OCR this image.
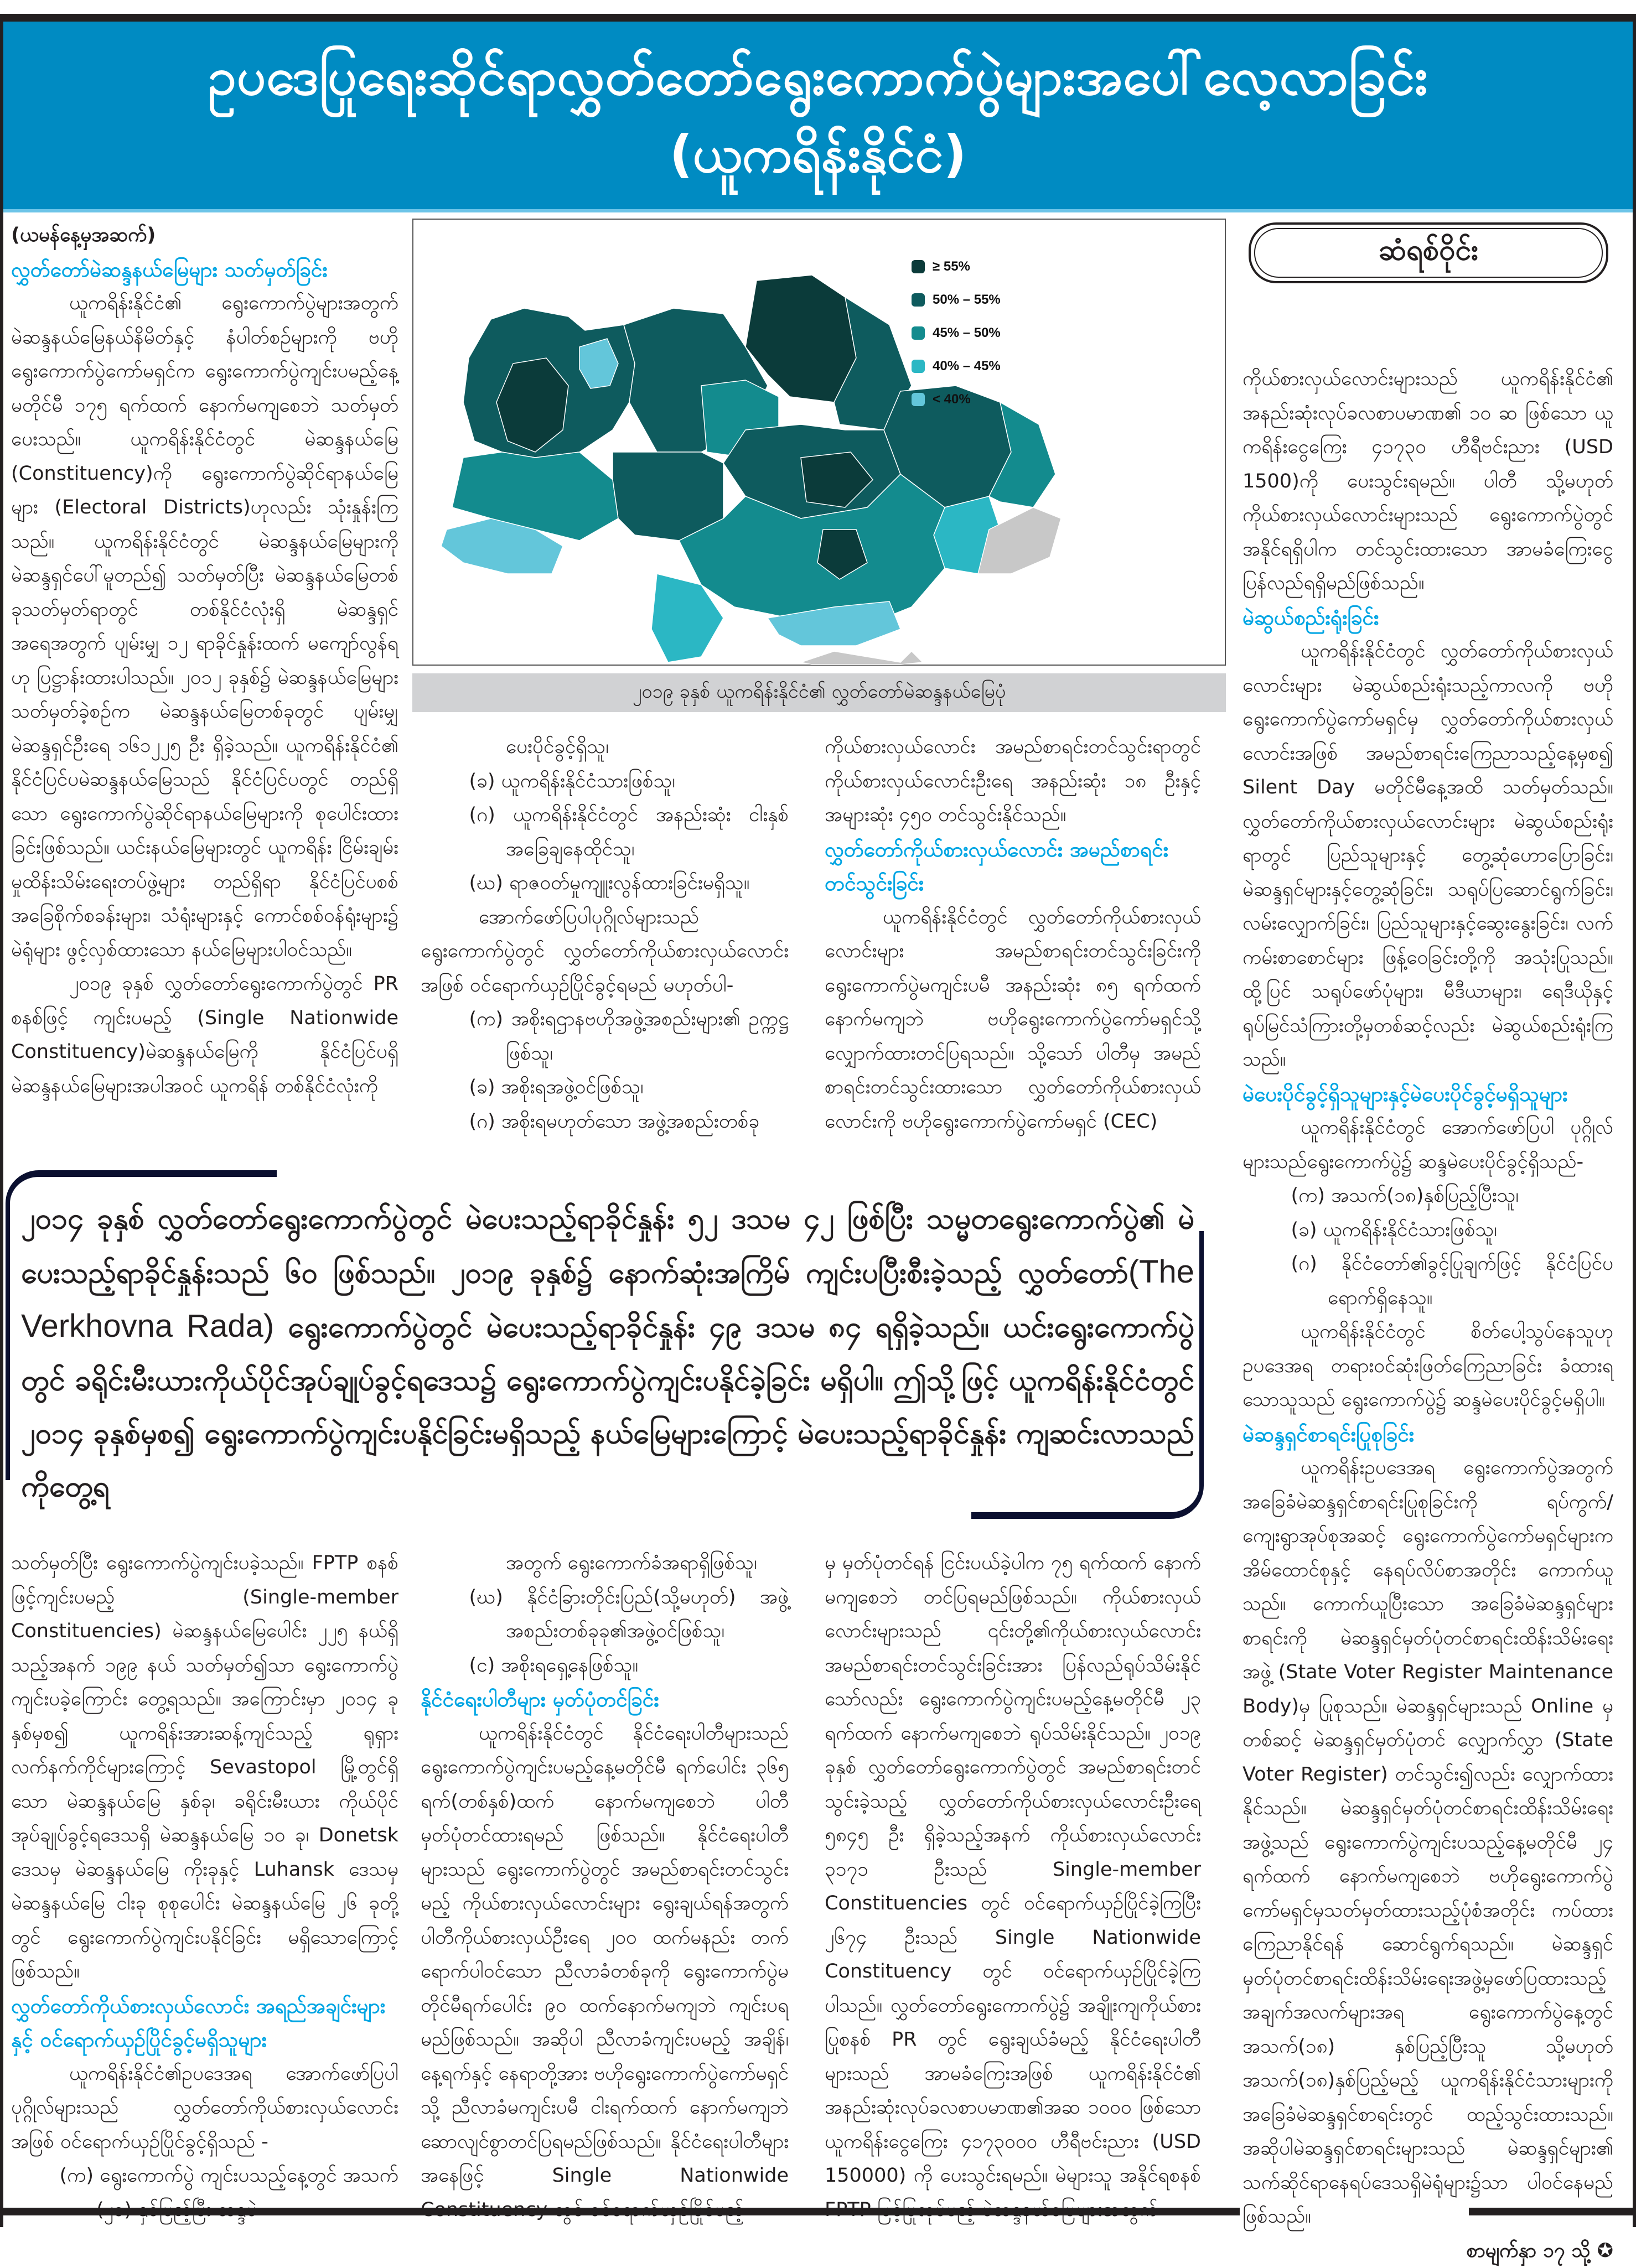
ဥပဒေပြုရေးဆိုင်ရာလွှတ်တော်ရွေးကောက်ပွဲများအပေါ်လေ့လာခြင်း
(ယူကရိန်းနိုင်ငံ)

(ယမန်နေ့မှအဆက်)

လွှတ်တော်မဲဆန္ဒနယ်မြေများ သတ်မှတ်ခြင်း

ယူကရိန်းနိုင်ငံ၏ ရွေးကောက်ပွဲများအတွက် မဲဆန္ဒနယ်မြေနယ်နိမိတ်နှင့် နံပါတ်စဉ်များကို ဗဟိုရွေးကောက်ပွဲကော်မရှင်က ရွေးကောက်ပွဲကျင်းပမည့်နေ့မတိုင်မီ ၁၇၅ ရက်ထက် နောက်မကျစေဘဲ သတ်မှတ်ပေးသည်။ ယူကရိန်းနိုင်ငံတွင် မဲဆန္ဒနယ်မြေ (Constituency)ကို ရွေးကောက်ပွဲဆိုင်ရာနယ်မြေများ (Electoral Districts)ဟုလည်း သုံးနှုန်းကြသည်။ ယူကရိန်းနိုင်ငံတွင် မဲဆန္ဒနယ်မြေများကို မဲဆန္ဒရှင်ပေါ်မူတည်၍ သတ်မှတ်ပြီး မဲဆန္ဒနယ်မြေတစ်ခုသတ်မှတ်ရာတွင် တစ်နိုင်ငံလုံးရှိ မဲဆန္ဒရှင်အရေအတွက် ပျမ်းမျှ ၁၂ ရာခိုင်နှုန်းထက် မကျော်လွန်ရဟု ပြဋ္ဌာန်းထားပါသည်။ ၂၀၁၂ ခုနှစ်၌ မဲဆန္ဒနယ်မြေများ သတ်မှတ်ခဲ့စဉ်က မဲဆန္ဒနယ်မြေတစ်ခုတွင် ပျမ်းမျှမဲဆန္ဒရှင်ဦးရေ ၁၆၁၂၂၅ ဦး ရှိခဲ့သည်။ ယူကရိန်းနိုင်ငံ၏ နိုင်ငံပြင်ပမဲဆန္ဒနယ်မြေသည် နိုင်ငံပြင်ပတွင် တည်ရှိသော ရွေးကောက်ပွဲဆိုင်ရာနယ်မြေများကို စုပေါင်းထားခြင်းဖြစ်သည်။ ယင်းနယ်မြေများတွင် ယူကရိန်း ငြိမ်းချမ်းမှုထိန်းသိမ်းရေးတပ်ဖွဲ့များ တည်ရှိရာ နိုင်ငံပြင်ပစစ်အခြေစိုက်စခန်းများ၊ သံရုံးများနှင့် ကောင်စစ်ဝန်ရုံးများ၌ မဲရုံများ ဖွင့်လှစ်ထားသော နယ်မြေများပါဝင်သည်။

၂၀၁၉ ခုနှစ် လွှတ်တော်ရွေးကောက်ပွဲတွင် PR စနစ်ဖြင့် ကျင်းပမည့် (Single Nationwide Constituency)မဲဆန္ဒနယ်မြေကို နိုင်ငံပြင်ပရှိမဲဆန္ဒနယ်မြေများအပါအဝင် ယူကရိန် တစ်နိုင်ငံလုံးကို

≥ 55%
50% – 55%
45% – 50%
40% – 45%
< 40%
၂၀၁၉ ခုနှစ် ယူကရိန်းနိုင်ငံ၏ လွှတ်တော်မဲဆန္ဒနယ်မြေပုံ

ပေးပိုင်ခွင့်ရှိသူ၊

(ခ) ယူကရိန်းနိုင်ငံသားဖြစ်သူ၊

(ဂ) ယူကရိန်းနိုင်ငံတွင် အနည်းဆုံး ငါးနှစ်အခြေချနေထိုင်သူ၊

(ဃ) ရာဇဝတ်မှုကျူးလွန်ထားခြင်းမရှိသူ။

အောက်ဖော်ပြပါပုဂ္ဂိုလ်များသည် ရွေးကောက်ပွဲတွင် လွှတ်တော်ကိုယ်စားလှယ်လောင်းအဖြစ် ဝင်ရောက်ယှဉ်ပြိုင်ခွင့်ရမည် မဟုတ်ပါ-

(က) အစိုးရဌာနဗဟိုအဖွဲ့အစည်းများ၏ ဥက္ကဋ္ဌဖြစ်သူ၊

(ခ) အစိုးရအဖွဲ့ဝင်ဖြစ်သူ၊

(ဂ) အစိုးရမဟုတ်သော အဖွဲ့အစည်းတစ်ခု

ကိုယ်စားလှယ်လောင်း အမည်စာရင်းတင်သွင်းရာတွင် ကိုယ်စားလှယ်လောင်းဦးရေ အနည်းဆုံး ၁၈ ဦးနှင့် အများဆုံး ၄၅၀ တင်သွင်းနိုင်သည်။

လွှတ်တော်ကိုယ်စားလှယ်လောင်း အမည်စာရင်း တင်သွင်းခြင်း

ယူကရိန်းနိုင်ငံတွင် လွှတ်တော်ကိုယ်စားလှယ်လောင်းများ အမည်စာရင်းတင်သွင်းခြင်းကို ရွေးကောက်ပွဲမကျင်းပမီ အနည်းဆုံး ၈၅ ရက်ထက် နောက်မကျဘဲ ဗဟိုရွေးကောက်ပွဲကော်မရှင်သို့ လျှောက်ထားတင်ပြရသည်။ သို့သော် ပါတီမှ အမည်စာရင်းတင်သွင်းထားသော လွှတ်တော်ကိုယ်စားလှယ်လောင်းကို ဗဟိုရွေးကောက်ပွဲကော်မရှင် (CEC)

ဆံရစ်ဝိုင်း

ကိုယ်စားလှယ်လောင်းများသည် ယူကရိန်းနိုင်ငံ၏ အနည်းဆုံးလုပ်ခလစာပမာဏ၏ ၁၀ ဆ ဖြစ်သော ယူကရိန်းငွေကြေး ၄၁၇၃၀ ဟီရီဗင်းညား (USD 1500)ကို ပေးသွင်းရမည်။ ပါတီ သို့မဟုတ် ကိုယ်စားလှယ်လောင်းများသည် ရွေးကောက်ပွဲတွင် အနိုင်ရရှိပါက တင်သွင်းထားသော အာမခံကြေးငွေ ပြန်လည်ရရှိမည်ဖြစ်သည်။

မဲဆွယ်စည်းရုံးခြင်း

ယူကရိန်းနိုင်ငံတွင် လွှတ်တော်ကိုယ်စားလှယ်လောင်းများ မဲဆွယ်စည်းရုံးသည့်ကာလကို ဗဟိုရွေးကောက်ပွဲကော်မရှင်မှ လွှတ်တော်ကိုယ်စားလှယ်လောင်းအဖြစ် အမည်စာရင်းကြေညာသည့်နေ့မှစ၍ Silent Day မတိုင်မီနေ့အထိ သတ်မှတ်သည်။ လွှတ်တော်ကိုယ်စားလှယ်လောင်းများ မဲဆွယ်စည်းရုံးရာတွင် ပြည်သူများနှင့် တွေ့ဆုံဟောပြောခြင်း၊ မဲဆန္ဒရှင်များနှင့်တွေ့ဆုံခြင်း၊ သရုပ်ပြဆောင်ရွက်ခြင်း၊ လမ်းလျှောက်ခြင်း၊ ပြည်သူများနှင့်ဆွေးနွေးခြင်း၊ လက်ကမ်းစာစောင်များ ဖြန့်ဝေခြင်းတို့ကို အသုံးပြုသည်။ ထို့ပြင် သရုပ်ဖော်ပုံများ၊ မီဒီယာများ၊ ရေဒီယိုနှင့် ရုပ်မြင်သံကြားတို့မှတစ်ဆင့်လည်း မဲဆွယ်စည်းရုံးကြသည်။

မဲပေးပိုင်ခွင့်ရှိသူများနှင့်မဲပေးပိုင်ခွင့်မရှိသူများ

ယူကရိန်းနိုင်ငံတွင် အောက်ဖော်ပြပါ ပုဂ္ဂိုလ်များသည်ရွေးကောက်ပွဲ၌ ဆန္ဒမဲပေးပိုင်ခွင့်ရှိသည်-

(က) အသက်(၁၈)နှစ်ပြည့်ပြီးသူ၊

(ခ) ယူကရိန်းနိုင်ငံသားဖြစ်သူ၊

(ဂ) နိုင်ငံတော်၏ခွင့်ပြုချက်ဖြင့် နိုင်ငံပြင်ပရောက်ရှိနေသူ။

ယူကရိန်းနိုင်ငံတွင် စိတ်ပေါ့သွပ်နေသူဟု ဥပဒေအရ တရားဝင်ဆုံးဖြတ်ကြေညာခြင်း ခံထားရသောသူသည် ရွေးကောက်ပွဲ၌ ဆန္ဒမဲပေးပိုင်ခွင့်မရှိပါ။

မဲဆန္ဒရှင်စာရင်းပြုစုခြင်း

ယူကရိန်းဥပဒေအရ ရွေးကောက်ပွဲအတွက် အခြေခံမဲဆန္ဒရှင်စာရင်းပြုစုခြင်းကို ရပ်ကွက်/ကျေးရွာအုပ်စုအဆင့် ရွေးကောက်ပွဲကော်မရှင်များက အိမ်ထောင်စုနှင့် နေရပ်လိပ်စာအတိုင်း ကောက်ယူသည်။ ကောက်ယူပြီးသော အခြေခံမဲဆန္ဒရှင်များစာရင်းကို မဲဆန္ဒရှင်မှတ်ပုံတင်စာရင်းထိန်းသိမ်းရေးအဖွဲ့ (State Voter Register Maintenance Body)မှ ပြုစုသည်။ မဲဆန္ဒရှင်များသည် Online မှတစ်ဆင့် မဲဆန္ဒရှင်မှတ်ပုံတင် လျှောက်လွှာ (State Voter Register) တင်သွင်း၍လည်း လျှောက်ထားနိုင်သည်။ မဲဆန္ဒရှင်မှတ်ပုံတင်စာရင်းထိန်းသိမ်းရေးအဖွဲ့သည် ရွေးကောက်ပွဲကျင်းပသည့်နေ့မတိုင်မီ ၂၄ ရက်ထက် နောက်မကျစေဘဲ ဗဟိုရွေးကောက်ပွဲကော်မရှင်မှသတ်မှတ်ထားသည့်ပုံစံအတိုင်း ကပ်ထားကြေညာနိုင်ရန် ဆောင်ရွက်ရသည်။ မဲဆန္ဒရှင်မှတ်ပုံတင်စာရင်းထိန်းသိမ်းရေးအဖွဲ့မှဖော်ပြထားသည့် အချက်အလက်များအရ ရွေးကောက်ပွဲနေ့တွင် အသက်(၁၈) နှစ်ပြည့်ပြီးသူ သို့မဟုတ် အသက်(၁၈)နှစ်ပြည့်မည့် ယူကရိန်းနိုင်ငံသားများကို အခြေခံမဲဆန္ဒရှင်စာရင်းတွင် ထည့်သွင်းထားသည်။ အဆိုပါမဲဆန္ဒရှင်စာရင်းများသည် မဲဆန္ဒရှင်များ၏ သက်ဆိုင်ရာနေရပ်ဒေသရှိမဲရုံများ၌သာ ပါဝင်နေမည်ဖြစ်သည်။

စာမျက်နှာ ၁၇ သို့ ✪

၂၀၁၄ ခုနှစ် လွှတ်တော်ရွေးကောက်ပွဲတွင် မဲပေးသည့်ရာခိုင်နှုန်း ၅၂ ဒသမ ၄၂ ဖြစ်ပြီး သမ္မတရွေးကောက်ပွဲ၏ မဲပေးသည့်ရာခိုင်နှုန်းသည် ၆၀ ဖြစ်သည်။ ၂၀၁၉ ခုနှစ်၌ နောက်ဆုံးအကြိမ် ကျင်းပပြီးစီးခဲ့သည့် လွှတ်တော်(The Verkhovna Rada) ရွေးကောက်ပွဲတွင် မဲပေးသည့်ရာခိုင်နှုန်း ၄၉ ဒသမ ၈၄ ရရှိခဲ့သည်။ ယင်းရွေးကောက်ပွဲတွင် ခရိုင်းမီးယားကိုယ်ပိုင်အုပ်ချုပ်ခွင့်ရဒေသ၌ ရွေးကောက်ပွဲကျင်းပနိုင်ခဲ့ခြင်း မရှိပါ။ ဤသို့ဖြင့် ယူကရိန်းနိုင်ငံတွင် ၂၀၁၄ ခုနှစ်မှစ၍ ရွေးကောက်ပွဲကျင်းပနိုင်ခြင်းမရှိသည့် နယ်မြေများကြောင့် မဲပေးသည့်ရာခိုင်နှုန်း ကျဆင်းလာသည်ကိုတွေ့ရ

သတ်မှတ်ပြီး ရွေးကောက်ပွဲကျင်းပခဲ့သည်။ FPTP စနစ်ဖြင့်ကျင်းပမည့် (Single-member Constituencies) မဲဆန္ဒနယ်မြေပေါင်း ၂၂၅ နယ်ရှိသည့်အနက် ၁၉၉ နယ် သတ်မှတ်၍သာ ရွေးကောက်ပွဲကျင်းပခဲ့ကြောင်း တွေ့ရသည်။ အကြောင်းမှာ ၂၀၁၄ ခုနှစ်မှစ၍ ယူကရိန်းအားဆန့်ကျင်သည့် ရုရှားလက်နက်ကိုင်များကြောင့် Sevastopol မြို့တွင်ရှိသော မဲဆန္ဒနယ်မြေ နှစ်ခု၊ ခရိုင်းမီးယား ကိုယ်ပိုင်အုပ်ချုပ်ခွင့်ရဒေသရှိ မဲဆန္ဒနယ်မြေ ၁၀ ခု၊ Donetsk ဒေသမှ မဲဆန္ဒနယ်မြေ ကိုးခုနှင့် Luhansk ဒေသမှ မဲဆန္ဒနယ်မြေ ငါးခု စုစုပေါင်း မဲဆန္ဒနယ်မြေ ၂၆ ခုတို့တွင် ရွေးကောက်ပွဲကျင်းပနိုင်ခြင်း မရှိသောကြောင့် ဖြစ်သည်။

လွှတ်တော်ကိုယ်စားလှယ်လောင်း အရည်အချင်းများနှင့် ဝင်ရောက်ယှဉ်ပြိုင်ခွင့်မရှိသူများ

ယူကရိန်းနိုင်ငံ၏ဥပဒေအရ အောက်ဖော်ပြပါ ပုဂ္ဂိုလ်များသည် လွှတ်တော်ကိုယ်စားလှယ်လောင်း အဖြစ် ဝင်ရောက်ယှဉ်ပြိုင်ခွင့်ရှိသည် -

(က) ရွေးကောက်ပွဲ ကျင်းပသည့်နေ့တွင် အသက်

အတွက် ရွေးကောက်ခံအရာရှိဖြစ်သူ၊

(ဃ) နိုင်ငံခြားတိုင်းပြည်(သို့မဟုတ်) အဖွဲ့အစည်းတစ်ခုခု၏အဖွဲ့ဝင်ဖြစ်သူ၊

(င) အစိုးရရှေ့နေဖြစ်သူ။

နိုင်ငံရေးပါတီများ မှတ်ပုံတင်ခြင်း

ယူကရိန်းနိုင်ငံတွင် နိုင်ငံရေးပါတီများသည် ရွေးကောက်ပွဲကျင်းပမည့်နေ့မတိုင်မီ ရက်ပေါင်း ၃၆၅ ရက်(တစ်နှစ်)ထက် နောက်မကျစေဘဲ ပါတီမှတ်ပုံတင်ထားရမည် ဖြစ်သည်။ နိုင်ငံရေးပါတီများသည် ရွေးကောက်ပွဲတွင် အမည်စာရင်းတင်သွင်းမည့် ကိုယ်စားလှယ်လောင်းများ ရွေးချယ်ရန်အတွက် ပါတီကိုယ်စားလှယ်ဦးရေ ၂၀၀ ထက်မနည်း တက်ရောက်ပါဝင်သော ညီလာခံတစ်ခုကို ရွေးကောက်ပွဲမတိုင်မီရက်ပေါင်း ၉၀ ထက်နောက်မကျဘဲ ကျင်းပရမည်ဖြစ်သည်။ အဆိုပါ ညီလာခံကျင်းပမည့် အချိန်၊ နေ့ရက်နှင့် နေရာတို့အား ဗဟိုရွေးကောက်ပွဲကော်မရှင်သို့ ညီလာခံမကျင်းပမီ ငါးရက်ထက် နောက်မကျဘဲ ဆောလျင်စွာတင်ပြရမည်ဖြစ်သည်။ နိုင်ငံရေးပါတီများအနေဖြင့် Single Nationwide

မှ မှတ်ပုံတင်ရန် ငြင်းပယ်ခဲ့ပါက ၇၅ ရက်ထက် နောက်မကျစေဘဲ တင်ပြရမည်ဖြစ်သည်။ ကိုယ်စားလှယ်လောင်းများသည် ၎င်းတို့၏ကိုယ်စားလှယ်လောင်းအမည်စာရင်းတင်သွင်းခြင်းအား ပြန်လည်ရုပ်သိမ်းနိုင်သော်လည်း ရွေးကောက်ပွဲကျင်းပမည့်နေ့မတိုင်မီ ၂၃ ရက်ထက် နောက်မကျစေဘဲ ရုပ်သိမ်းနိုင်သည်။ ၂၀၁၉ ခုနှစ် လွှတ်တော်ရွေးကောက်ပွဲတွင် အမည်စာရင်းတင်သွင်းခဲ့သည့် လွှတ်တော်ကိုယ်စားလှယ်လောင်းဦးရေ ၅၈၄၅ ဦး ရှိခဲ့သည့်အနက် ကိုယ်စားလှယ်လောင်း ၃၁၇၁ ဦးသည် Single-member Constituencies တွင် ဝင်ရောက်ယှဉ်ပြိုင်ခဲ့ကြပြီး ၂၆၇၄ ဦးသည် Single Nationwide Constituency တွင် ဝင်ရောက်ယှဉ်ပြိုင်ခဲ့ကြပါသည်။ လွှတ်တော်ရွေးကောက်ပွဲ၌ အချိုးကျကိုယ်စားပြုစနစ် PR တွင် ရွေးချယ်ခံမည့် နိုင်ငံရေးပါတီများသည် အာမခံကြေးအဖြစ် ယူကရိန်းနိုင်ငံ၏ အနည်းဆုံးလုပ်ခလစာပမာဏ၏အဆ ၁၀၀၀ ဖြစ်သော ယူကရိန်းငွေကြေး ၄၁၇၃၀၀၀ ဟီရီဗင်းညား (USD 150000) ကို ပေးသွင်းရမည်။ မဲများသူ အနိုင်ရစနစ်
